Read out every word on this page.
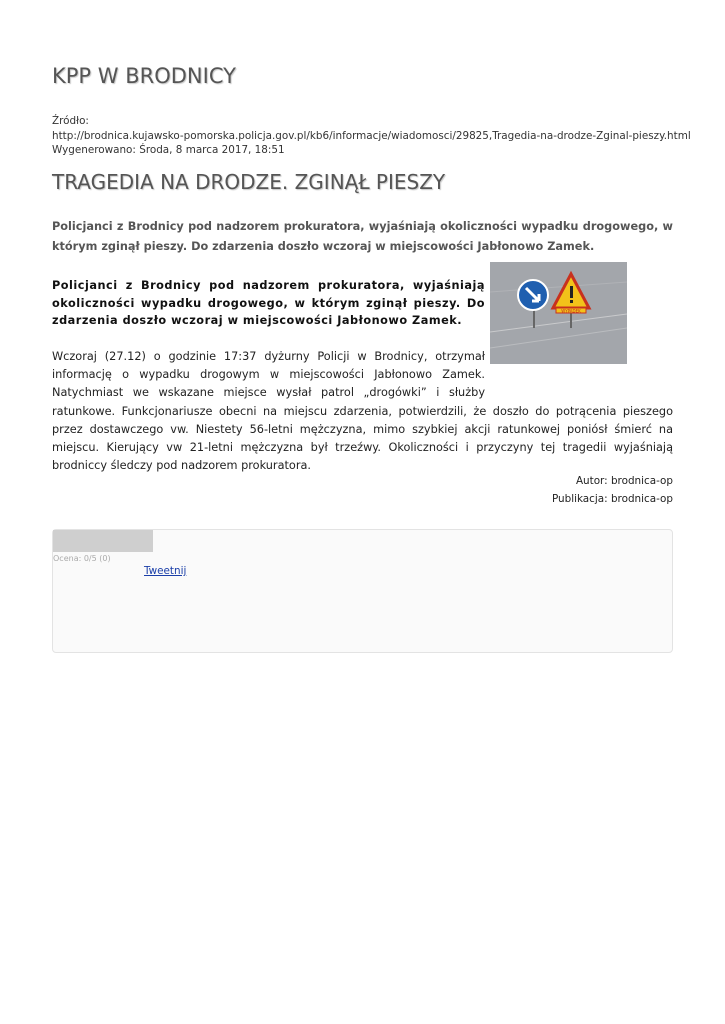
KPP W BRODNICY
Źródło:
http://brodnica.kujawsko-pomorska.policja.gov.pl/kb6/informacje/wiadomosci/29825,Tragedia-na-drodze-Zginal-pieszy.html
Wygenerowano: Środa, 8 marca 2017, 18:51
TRAGEDIA NA DRODZE. ZGINĄŁ PIESZY

Policjanci z Brodnicy pod nadzorem prokuratora, wyjaśniają okoliczności wypadku drogowego, w którym zginął pieszy. Do zdarzenia doszło wczoraj w miejscowości Jabłonowo Zamek.

WYPADEK

Policjanci z Brodnicy pod nadzorem prokuratora, wyjaśniają okoliczności wypadku drogowego, w którym zginął pieszy. Do zdarzenia doszło wczoraj w miejscowości Jabłonowo Zamek.

Wczoraj (27.12) o godzinie 17:37 dyżurny Policji w Brodnicy, otrzymał informację o wypadku drogowym w miejscowości Jabłonowo Zamek. Natychmiast we wskazane miejsce wysłał patrol „drogówki” i służby
ratunkowe. Funkcjonariusze obecni na miejscu zdarzenia, potwierdzili, że doszło do potrącenia pieszego przez dostawczego vw. Niestety 56-letni mężczyzna, mimo szybkiej akcji ratunkowej poniósł śmierć na miejscu. Kierujący vw 21-letni mężczyzna był trzeźwy. Okoliczności i przyczyny tej tragedii wyjaśniają brodniccy śledczy pod nadzorem prokuratora.

Autor: brodnica-op
Publikacja: brodnica-op
Ocena: 0/5 (0)
Tweetnij
